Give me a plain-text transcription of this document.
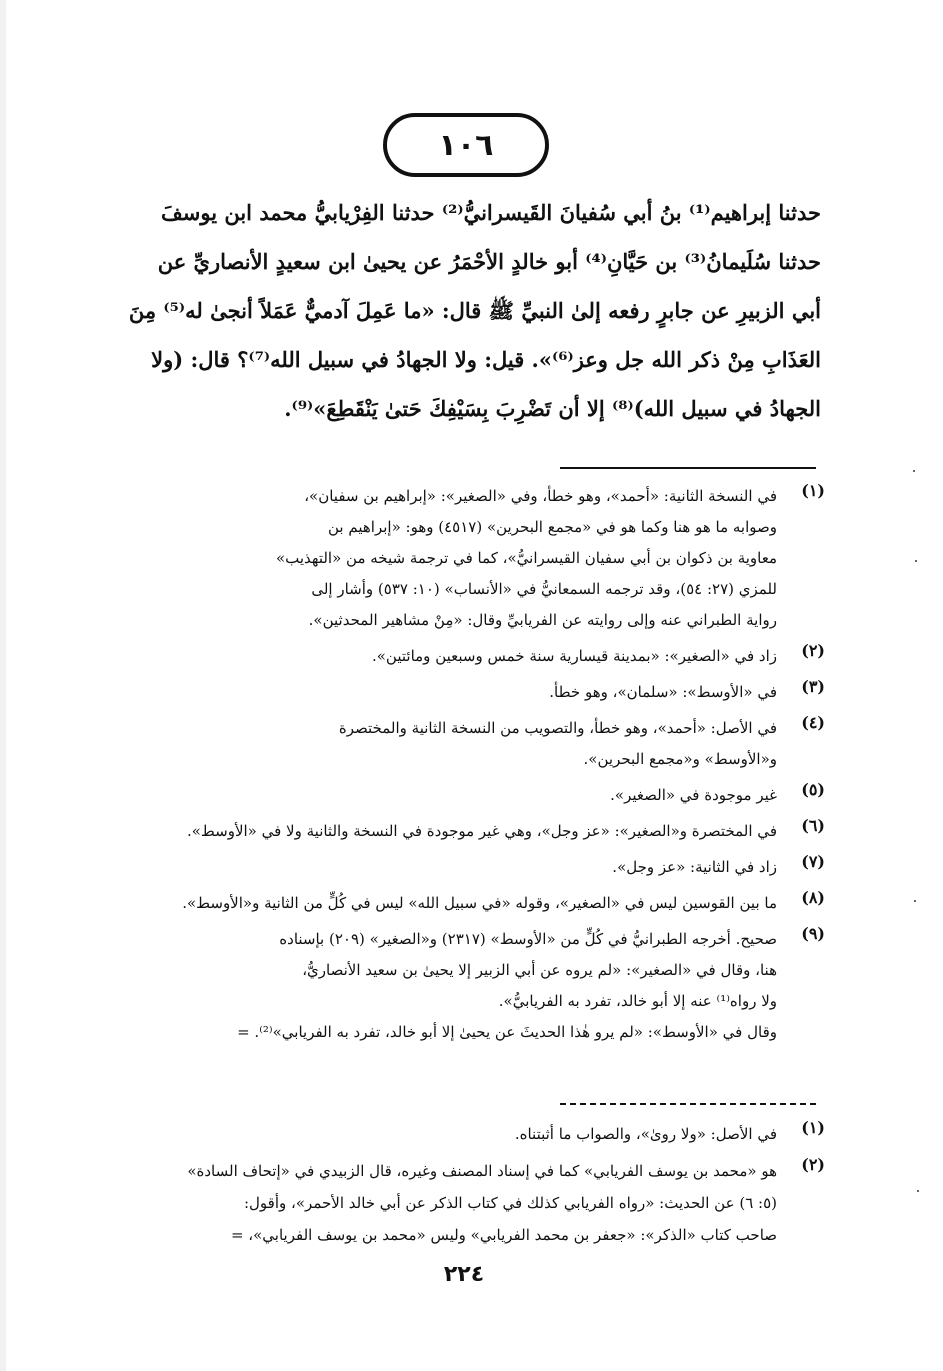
١٠٦

حدثنا إبراهيم⁽¹⁾ بنُ أبي سُفيانَ القَيسرانيُّ⁽²⁾ حدثنا الفِرْيابيُّ محمد ابن يوسفَ

حدثنا سُلَيمانُ⁽³⁾ بن حَيَّانِ⁽⁴⁾ أبو خالدٍ الأحْمَرُ عن يحيىٰ ابن سعيدٍ الأنصاريِّ عن

أبي الزبيرِ عن جابرٍ رفعه إلىٰ النبيِّ ﷺ قال: «ما عَمِلَ آدميٌّ عَمَلاً أنجىٰ له⁽⁵⁾ مِنَ

العَذَابِ مِنْ ذكر الله جل وعز⁽⁶⁾». قيل: ولا الجهادُ في سبيل الله⁽⁷⁾؟ قال: (ولا

الجهادُ في سبيل الله)⁽⁸⁾ إلا أن تَضْرِبَ بِسَيْفِكَ حَتىٰ يَنْقَطِعَ»⁽⁹⁾.

(١)
في النسخة الثانية: «أحمد»، وهو خطأ، وفي «الصغير»: «إبراهيم بن سفيان»،
وصوابه ما هو هنا وكما هو في «مجمع البحرين» (٤٥١٧) وهو: «إبراهيم بن
معاوية بن ذكوان بن أبي سفيان القيسرانيُّ»، كما في ترجمة شيخه من «التهذيب»
للمزي (٢٧: ٥٤)، وقد ترجمه السمعانيُّ في «الأنساب» (١٠: ٥٣٧) وأشار إلى
رواية الطبراني عنه وإلى روايته عن الفريابيِّ وقال: «مِنْ مشاهير المحدثين».
(٢)
زاد في «الصغير»: «بمدينة قيسارية سنة خمس وسبعين ومائتين».
(٣)
في «الأوسط»: «سلمان»، وهو خطأ.
(٤)
في الأصل: «أحمد»، وهو خطأ، والتصويب من النسخة الثانية والمختصرة
و«الأوسط» و«مجمع البحرين».
(٥)
غير موجودة في «الصغير».
(٦)
في المختصرة و«الصغير»: «عز وجل»، وهي غير موجودة في النسخة والثانية ولا في «الأوسط».
(٧)
زاد في الثانية: «عز وجل».
(٨)
ما بين القوسين ليس في «الصغير»، وقوله «في سبيل الله» ليس في كُلٍّ من الثانية و«الأوسط».
(٩)
صحيح. أخرجه الطبرانيُّ في كُلٍّ من «الأوسط» (٢٣١٧) و«الصغير» (٢٠٩) بإسناده
هنا، وقال في «الصغير»: «لم يروه عن أبي الزبير إلا يحيىٰ بن سعيد الأنصاريُّ،
ولا رواه⁽¹⁾ عنه إلا أبو خالد، تفرد به الفريابيُّ».
وقال في «الأوسط»: «لم يرو هٰذا الحديثَ عن يحيىٰ إلا أبو خالد، تفرد به الفريابي»⁽²⁾. =
(١)
في الأصل: «ولا روىٰ»، والصواب ما أثبتناه.
(٢)
هو «محمد بن يوسف الفريابي» كما في إسناد المصنف وغيره، قال الزبيدي في «إتحاف السادة»
(٥: ٦) عن الحديث: «رواه الفريابي كذلك في كتاب الذكر عن أبي خالد الأحمر»، وأقول:
صاحب كتاب «الذكر»: «جعفر بن محمد الفريابي» وليس «محمد بن يوسف الفريابي»، =
٢٢٤
